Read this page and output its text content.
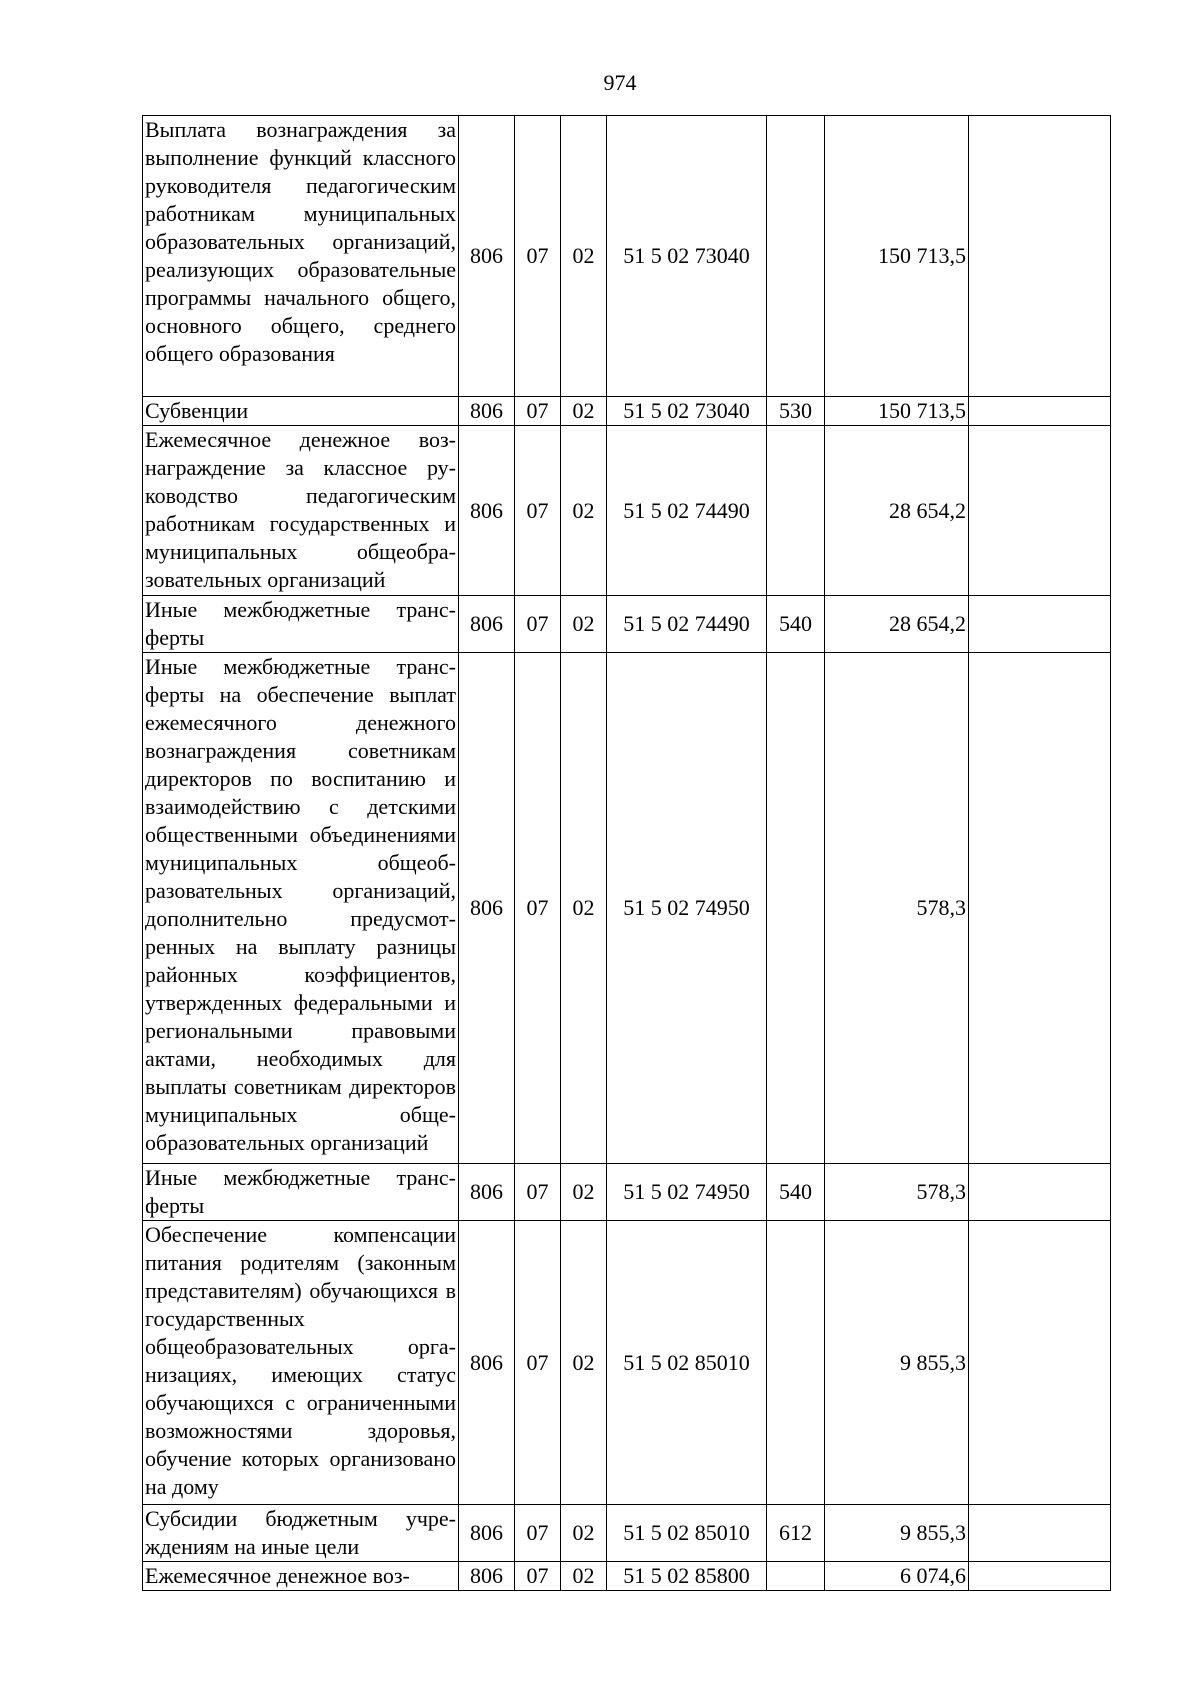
974
Выплата вознаграждения за выполнение функций классного руководителя педагогическим работникам муниципальных образовательных организаций, реализующих образовательные программы начального общего, основного общего, среднего общего образования	806	07	02	51 5 02 73040		150 713,5	
Субвенции	806	07	02	51 5 02 73040	530	150 713,5	
Ежемесячное денежное вознаграждение за классное руководство педагогическим работникам государственных и муниципальных общеобразовательных организаций	806	07	02	51 5 02 74490		28 654,2	
Иные межбюджетные трансферты	806	07	02	51 5 02 74490	540	28 654,2	
Иные межбюджетные трансферты на обеспечение выплат ежемесячного денежного вознаграждения советникам директоров по воспитанию и взаимодействию с детскими общественными объединениями муниципальных общеобразовательных организаций, дополнительно предусмотренных на выплату разницы районных коэффициентов, утвержденных федеральными и региональными правовыми актами, необходимых для выплаты советникам директоров муниципальных общеобразовательных организаций	806	07	02	51 5 02 74950		578,3	
Иные межбюджетные трансферты	806	07	02	51 5 02 74950	540	578,3	
Обеспечение компенсации питания родителям (законным представителям) обучающихся в государственных общеобразовательных организациях, имеющих статус обучающихся с ограниченными возможностями здоровья, обучение которых организовано на дому	806	07	02	51 5 02 85010		9 855,3	
Субсидии бюджетным учреждениям на иные цели	806	07	02	51 5 02 85010	612	9 855,3	
Ежемесячное денежное воз-	806	07	02	51 5 02 85800		6 074,6	
